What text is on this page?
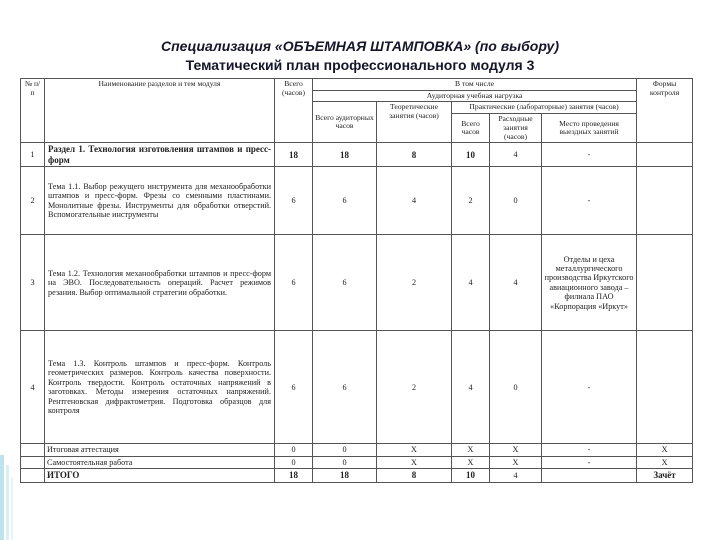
Специализация «ОБЪЕМНАЯ ШТАМПОВКА» (по выбору)
Тематический план профессионального модуля 3
№ п/п	Наименование разделов и тем модуля	Всего (часов)	В том числе					Формы контроля
			Аудиторная учебная нагрузка					
			Всего аудиторных часов	Теоретические занятия (часов)	Практические (лабораторные) занятия (часов)			
					Всего часов	Расходные занятия (часов)	Место проведения выездных занятий	
1	Раздел 1. Технология изготовления штампов и пресс-форм	18	18	8	10	4	-	
2	Тема 1.1. Выбор режущего инструмента для механообработки штампов и пресс-форм. Фрезы со сменными пластинами. Монолитные фрезы. Инструменты для обработки отверстий. Вспомогательные инструменты	6	6	4	2	0	-	
3	Тема 1.2. Технология механообработки штампов и пресс-форм на ЭВО. Последовательность операций. Расчет режимов резания. Выбор оптимальной стратегии обработки.	6	6	2	4	4	Отделы и цеха металлургического производства Иркутского авиационного завода – филиала ПАО «Корпорация «Иркут»	
4	Тема 1.3. Контроль штампов и пресс-форм. Контроль геометрических размеров. Контроль качества поверхности. Контроль твердости. Контроль остаточных напряжений в заготовках. Методы измерения остаточных напряжений. Рентгеновская дифрактометрия. Подготовка образцов для контроля	6	6	2	4	0	-	
	Итоговая аттестация	0	0	X	X	X	-	X
	Самостоятельная работа	0	0	X	X	X	-	X
	ИТОГО	18	18	8	10	4		Зачёт
